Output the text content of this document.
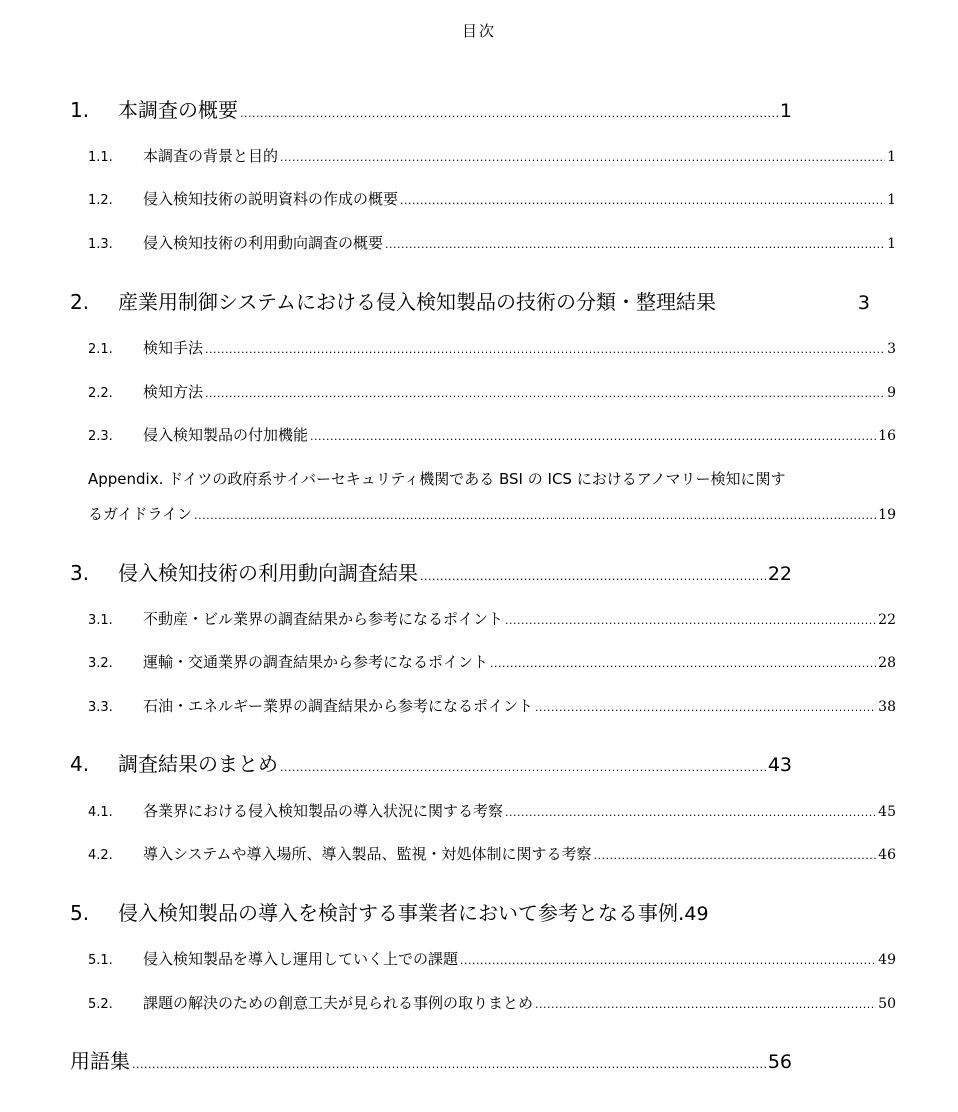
目次
1.	本調査の概要 .....	1
1.1.	本調査の背景と目的 .....	1
1.2.	侵入検知技術の説明資料の作成の概要 .....	1
1.3.	侵入検知技術の利用動向調査の概要 .....	1
2.	産業用制御システムにおける侵入検知製品の技術の分類・整理結果	3
2.1.	検知手法 .....	3
2.2.	検知方法 .....	9
2.3.	侵入検知製品の付加機能 .....	16
Appendix. ドイツの政府系サイバーセキュリティ機関である BSI の ICS におけるアノマリー検知に関す
るガイドライン .....	19
3.	侵入検知技術の利用動向調査結果 .....	22
3.1.	不動産・ビル業界の調査結果から参考になるポイント .....	22
3.2.	運輸・交通業界の調査結果から参考になるポイント .....	28
3.3.	石油・エネルギー業界の調査結果から参考になるポイント .....	38
4.	調査結果のまとめ .....	43
4.1.	各業界における侵入検知製品の導入状況に関する考察 .....	45
4.2.	導入システムや導入場所、導入製品、監視・対処体制に関する考察 .....	46
5.	侵入検知製品の導入を検討する事業者において参考となる事例 . 49
5.1.	侵入検知製品を導入し運用していく上での課題 .....	49
5.2.	課題の解決のための創意工夫が見られる事例の取りまとめ .....	50
用語集 .....	56
